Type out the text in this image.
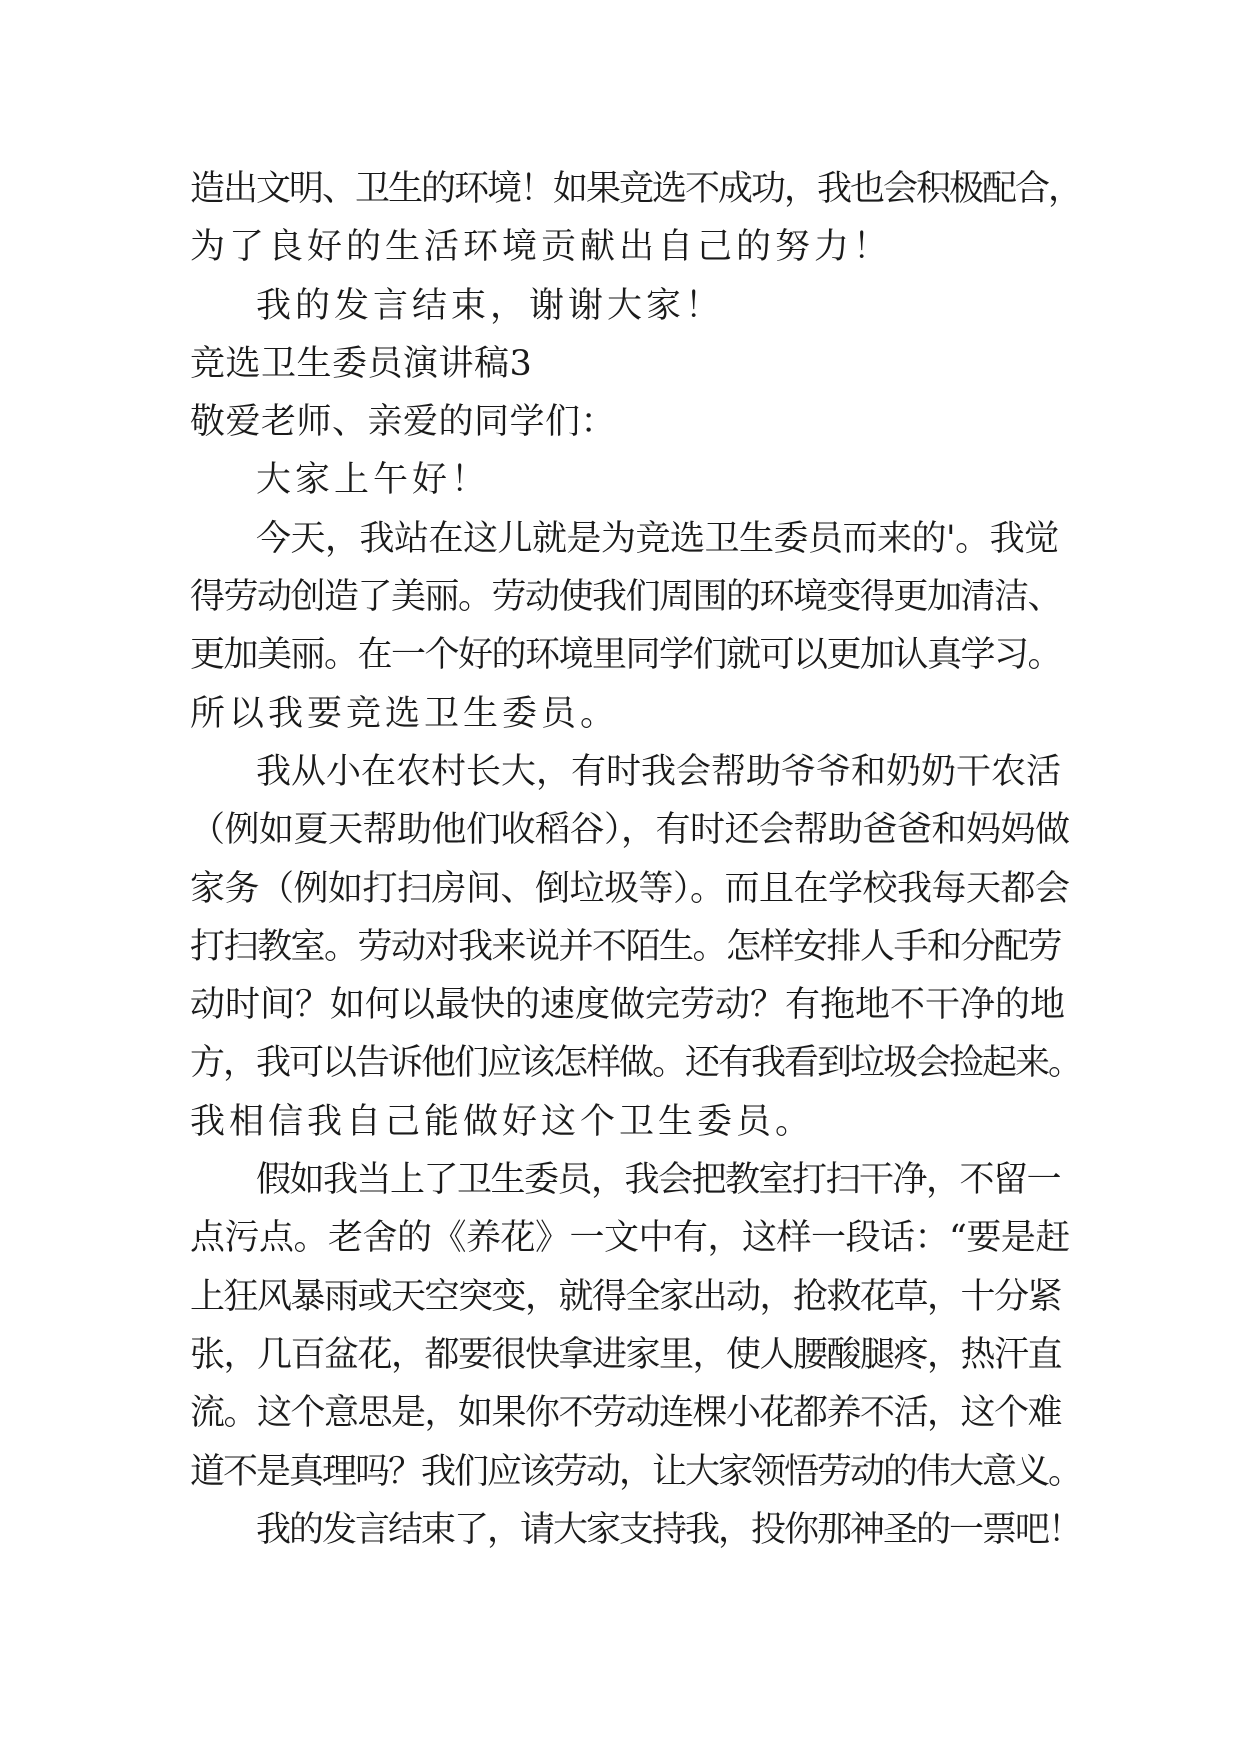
造出文明、卫生的环境！如果竞选不成功，我也会积极配合，
为了良好的生活环境贡献出自己的努力！
我的发言结束，谢谢大家！
竞选卫生委员演讲稿3
敬爱老师、亲爱的同学们：
大家上午好！
今天，我站在这儿就是为竞选卫生委员而来的'。我觉
得劳动创造了美丽。劳动使我们周围的环境变得更加清洁、
更加美丽。在一个好的环境里同学们就可以更加认真学习。
所以我要竞选卫生委员。
我从小在农村长大，有时我会帮助爷爷和奶奶干农活
（例如夏天帮助他们收稻谷），有时还会帮助爸爸和妈妈做
家务（例如打扫房间、倒垃圾等）。而且在学校我每天都会
打扫教室。劳动对我来说并不陌生。怎样安排人手和分配劳
动时间？如何以最快的速度做完劳动？有拖地不干净的地
方，我可以告诉他们应该怎样做。还有我看到垃圾会捡起来。
我相信我自己能做好这个卫生委员。
假如我当上了卫生委员，我会把教室打扫干净，不留一
点污点。老舍的《养花》一文中有，这样一段话：“要是赶
上狂风暴雨或天空突变，就得全家出动，抢救花草，十分紧
张，几百盆花，都要很快拿进家里，使人腰酸腿疼，热汗直
流。这个意思是，如果你不劳动连棵小花都养不活，这个难
道不是真理吗？我们应该劳动，让大家领悟劳动的伟大意义。
我的发言结束了，请大家支持我，投你那神圣的一票吧！
